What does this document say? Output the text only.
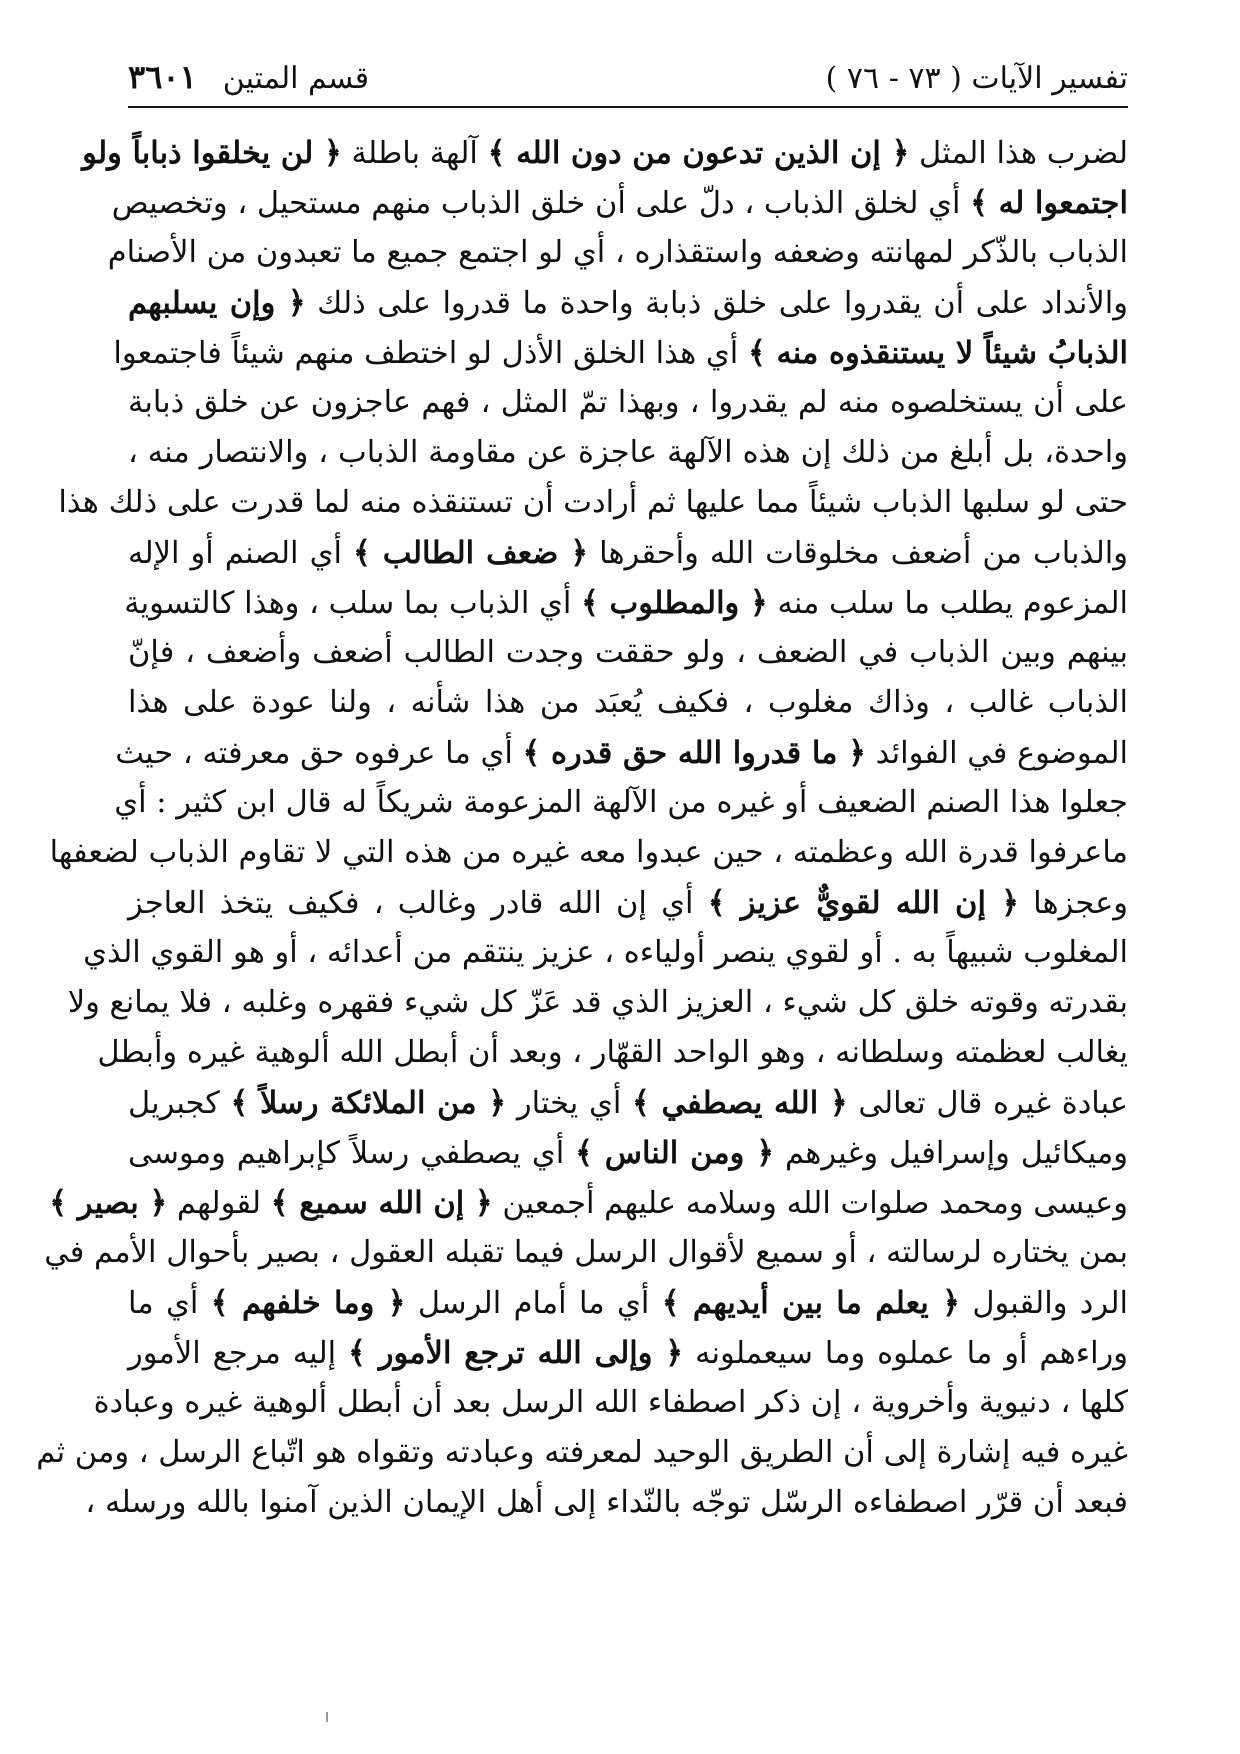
تفسير الآيات ( ٧٣ - ٧٦ )
قسم المتين
٣٦٠١
لضرب هذا المثل ﴿ إن الذين تدعون من دون الله ﴾ آلهة باطلة ﴿ لن يخلقوا ذباباً ولو
اجتمعوا له ﴾ أي لخلق الذباب ، دلّ على أن خلق الذباب منهم مستحيل ، وتخصيص
الذباب بالذّكر لمهانته وضعفه واستقذاره ، أي لو اجتمع جميع ما تعبدون من الأصنام
والأنداد على أن يقدروا على خلق ذبابة واحدة ما قدروا على ذلك ﴿ وإن يسلبهم
الذبابُ شيئاً لا يستنقذوه منه ﴾ أي هذا الخلق الأذل لو اختطف منهم شيئاً فاجتمعوا
على أن يستخلصوه منه لم يقدروا ، وبهذا تمّ المثل ، فهم عاجزون عن خلق ذبابة
واحدة، بل أبلغ من ذلك إن هذه الآلهة عاجزة عن مقاومة الذباب ، والانتصار منه ،
حتى لو سلبها الذباب شيئاً مما عليها ثم أرادت أن تستنقذه منه لما قدرت على ذلك هذا
والذباب من أضعف مخلوقات الله وأحقرها ﴿ ضعف الطالب ﴾ أي الصنم أو الإله
المزعوم يطلب ما سلب منه ﴿ والمطلوب ﴾ أي الذباب بما سلب ، وهذا كالتسوية
بينهم وبين الذباب في الضعف ، ولو حققت وجدت الطالب أضعف وأضعف ، فإنّ
الذباب غالب ، وذاك مغلوب ، فكيف يُعبَد من هذا شأنه ، ولنا عودة على هذا
الموضوع في الفوائد ﴿ ما قدروا الله حق قدره ﴾ أي ما عرفوه حق معرفته ، حيث
جعلوا هذا الصنم الضعيف أو غيره من الآلهة المزعومة شريكاً له قال ابن كثير : أي
ماعرفوا قدرة الله وعظمته ، حين عبدوا معه غيره من هذه التي لا تقاوم الذباب لضعفها
وعجزها ﴿ إن الله لقويٌّ عزيز ﴾ أي إن الله قادر وغالب ، فكيف يتخذ العاجز
المغلوب شبيهاً به . أو لقوي ينصر أولياءه ، عزيز ينتقم من أعدائه ، أو هو القوي الذي
بقدرته وقوته خلق كل شيء ، العزيز الذي قد عَزّ كل شيء فقهره وغلبه ، فلا يمانع ولا
يغالب لعظمته وسلطانه ، وهو الواحد القهّار ، وبعد أن أبطل الله ألوهية غيره وأبطل
عبادة غيره قال تعالى ﴿ الله يصطفي ﴾ أي يختار ﴿ من الملائكة رسلاً ﴾ كجبريل
وميكائيل وإسرافيل وغيرهم ﴿ ومن الناس ﴾ أي يصطفي رسلاً كإبراهيم وموسى
وعيسى ومحمد صلوات الله وسلامه عليهم أجمعين ﴿ إن الله سميع ﴾ لقولهم ﴿ بصير ﴾
بمن يختاره لرسالته ، أو سميع لأقوال الرسل فيما تقبله العقول ، بصير بأحوال الأمم في
الرد والقبول ﴿ يعلم ما بين أيديهم ﴾ أي ما أمام الرسل ﴿ وما خلفهم ﴾ أي ما
وراءهم أو ما عملوه وما سيعملونه ﴿ وإلى الله ترجع الأمور ﴾ إليه مرجع الأمور
كلها ، دنيوية وأخروية ، إن ذكر اصطفاء الله الرسل بعد أن أبطل ألوهية غيره وعبادة
غيره فيه إشارة إلى أن الطريق الوحيد لمعرفته وعبادته وتقواه هو اتّباع الرسل ، ومن ثم
فبعد أن قرّر اصطفاءه الرسّل توجّه بالنّداء إلى أهل الإيمان الذين آمنوا بالله ورسله ،
